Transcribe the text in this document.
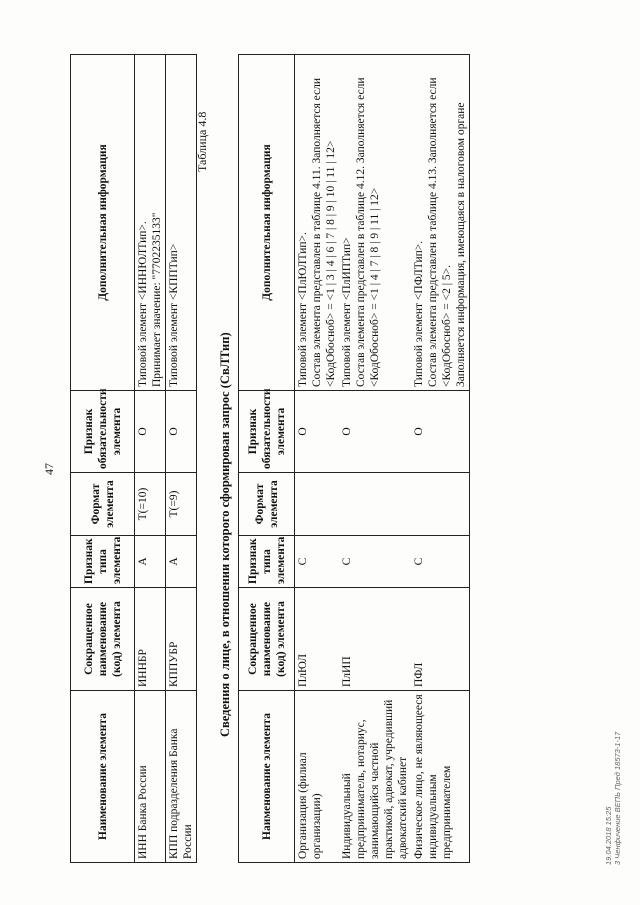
47
Наименование элемента	Сокращенное наименование (код) элемента	Признак типа элемента	Формат элемента	Признак обязательности элемента	Дополнительная информация
ИНН Банка России	ИННБР	А	T(=10)	О	Типовой элемент <ИННЮЛТип>.
Принимает значение: "7702235133"
КПП подразделения Банка России	КППУБР	А	T(=9)	О	Типовой элемент <КППТип>
Таблица 4.8
Сведения о лице, в отношении которого сформирован запрос (СвЛТип)
Наименование элемента	Сокращенное наименование (код) элемента	Признак типа элемента	Формат элемента	Признак обязательности элемента	Дополнительная информация
Организация (филиал организации)	ПлЮЛ	С		О	Типовой элемент <ПлЮЛТип>.
Состав элемента представлен в таблице 4.11. Заполняется если <КодОбосноб> = <1 | 3 | 4 | 6 | 7 | 8 | 9 | 10 | 11 | 12>
Индивидуальный предприниматель, нотариус, занимающийся частной практикой, адвокат, учредивший адвокатский кабинет	ПлИП	С		О	Типовой элемент <ПлИПТип>
Состав элемента представлен в таблице 4.12. Заполняется если <КодОбосноб> = <1 | 4 | 7 | 8 | 9 | 11 | 12>
Физическое лицо, не являющееся индивидуальным предпринимателем	ПФЛ	С		О	Типовой элемент <ПФЛТип>.
Состав элемента представлен в таблице 4.13. Заполняется если <КодОбосноб> = <2 | 5>.
Заполняется информация, имеющаяся в налоговом органе
19.04.2018 15:25 3 Ченфичение ВЕПЬ Пред 18573-1-17
